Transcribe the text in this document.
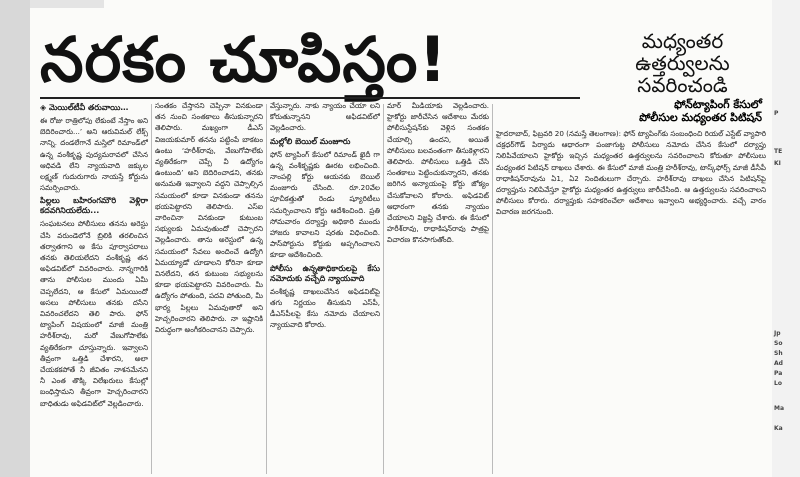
నరకం చూపిస్తం!	మధ్యంతర
ఉత్తర్వులను
సవరించండి
ఫోన్‌ట్యాపింగ్ కేసులో
పోలీసుల మధ్యంతర పిటిషన్

◈ మెయిల్‌టీవీ తరువాయి…

ఈ రోజు రాత్రిలోపు లేకుంటే నేస్తాం అని బెదిరించారు...’ అని ఆరువిమల్‌ లేక్స్ నాన్ని. దండలేగానే మస్తిలో రిమాండ్‌లో ఉన్న వంశీకృష్ణ పుద్యమరావలో చేసిన ఆధివడి లేని న్యాయవాది జక్కుల లక్ష్మణ్ గుదురుగారు నాయస్తే కోర్టును సమర్పించారు.

పిల్లలు బహిరంగమౌరి వెళ్లిరా కదవగినియలేదు...

సంఘటనలు పోలీసులు తనను అరెస్టు చేసి వరుండెలోనే బ్రిలికి తరలించిన తర్వాతగాని ఆ కేసు పూర్వాపరాలు తనకు తెలియలేదని వంశీకృష్ణ తన అఫిడవిట్‌లో వివరించారు. నాన్నగారికి తాను పోలీసుల ముందు ఏమీ చెప్పలేదని, ఆ కేసులో ఏమయిందో అసలు పోలీసులు తనకు దసేని వివరించలేదని తెలి పారు. ఫోన్ ట్యాపింగ్ విషయంలో మాజీ మంత్రి హరీశ్‌రావు, మరో వేణుగోపాలేకు వ్యతిరేకంగా చూస్తున్నారు. ఇవ్వాలని తీవ్రంగా ఒత్తిడి చేశారని, అలా చేయకకపోతే నీ జీవితం నాశనమేనని నీ ఎంత తొక్కి విలేఖరులు కేసుల్లో బంధిస్తామని తీవ్రంగా హెచ్చరించారని బాధితుడు అఫిడవిట్‌లో వెల్లడించారు.

సంతకం చేస్తానని చెప్పినా వినకుండా తన నుంచి సంతకాలు తీసుకున్నారని తెలిపారు. మఖ్యంగా డీఎస్‌ విజయకుమార్‌ తనను పట్టింపే బాకటం ఉంటు ‘హరీశ్‌రావు, వేణుగోపాలేకు వ్యతిరేకంగా చెప్పే వీ ఉద్యోగం ఉంటుంది’ అని బెదిరించాడని, తనకు అనుమతి ఇవ్వాలని వద్దని చెప్పాల్సిన సమయంలో కూడా వినకుండా తనను భయపెట్టారని తెలిపారు. ఎస్‌ఐ వారించినా వినకుండా కుటుంబ సభ్యులకు ఏమవుతుందో చెప్పారని వెల్లడించారు. తాను అరెస్టులో ఉన్న సమయంలో సేవలు అందించే ఉద్యోగి ఏమయ్యాడో చూడాలని కోరినా కూడా వినలేదని, తన కుటుంబ సభ్యులను కూడా భయపెట్టారని వివరించారు. మీ ఉద్యోగం పోతుంది, పదవి పోతుంది, మీ భార్య పిల్లలు ఏమవుతారో అని హెచ్చరించారని తెలిపారు. నా ఇష్టానికి విరుద్ధంగా అంగీకరించానని చెప్పారు.

వేస్తున్నారు. నాకు న్యాయం చేయా లని కోరుతున్నానని అఫిడవిట్‌లో వెల్లడించారు.

మల్లోలి బెయిల్ మంజూరు

ఫోన్ ట్యాపింగ్ కేసులో రిమాండ్‌ ఖైదీ గా ఉన్న వంశీకృష్ణకు ఊరట లభించింది. నాంపల్లి కోర్టు ఆయనకు బెయిల్ మంజూరు చేసింది. రూ.20వేల పూచీకత్తుతో రెండు ష్యూరిటీలు సమర్పించాలని కోర్టు ఆదేశించింది. ప్రతి సోమవారం దర్యాప్తు అధికారి ముందు హాజరు కావాలని షరతు విధించింది. పాస్‌పోర్టును కోర్టుకు అప్పగించాలని కూడా ఆదేశించింది.

పోలీసు ఉన్నతాధికారులపై కేసు నమోదుకు వచ్చేది న్యాయవాది

వంశీకృష్ణ దాఖలుచేసిన అఫిడవిట్‌పై తగు నిర్ణయం తీసుకుని ఎస్‌పీ, డీఎస్‌పీలపై కేసు నమోదు చేయాలని న్యాయవాది కోరారు.

మార్ మీడియాకు వెల్లడించారు. హైకోర్టు జారీచేసిన ఆదేశాలు మేరకు పోలీసుస్టేషన్‌కు వెళ్లిన సంతకం చేయాల్సి ఉందని, అయితే పోలీసులు బలవంతంగా తీసుకెళ్లారని తెలిపారు. పోలీసులు ఒత్తిడి చేసి సంతకాలు పెట్టించుకున్నారని, తనకు జరిగిన అన్యాయంపై కోర్టు జోక్యం చేసుకోవాలని కోరారు. అఫిడవిట్‌ ఆధారంగా తనకు న్యాయం చేయాలని విజ్ఞప్తి చేశారు. ఈ కేసులో హరీశ్‌రావు, రాధాకిషన్‌రావు పాత్రపై విచారణ కొనసాగుతోంది.

హైదరాబాద్‌, ఫిబ్రవరి 20 (నమస్తే తెలంగాణ): ఫోన్‌ ట్యాపింగ్‌కు సంబంధించి రియల్‌ ఎస్టేట్ వ్యాపారి చక్రధర్‌గౌడ్ పిర్యాదు ఆధారంగా పంజాగుట్ట పోలీసులు నమోదు చేసిన కేసులో దర్యాప్తు నిలిపివేయాలని హైకోర్టు ఇచ్చిన మధ్యంతర ఉత్తర్వులను సవరించాలని కోరుతూ పోలీసులు మధ్యంతర పిటిషన్ దాఖలు చేశారు. ఈ కేసులో మాజీ మంత్రి హరీశ్‌రావు, టాస్క్‌ఫోర్స్‌ మాజీ డీసీపీ రాధాకిషన్‌రావును ఏ1, ఏ2 నిందితులుగా చేర్చారు. హరీశ్‌రావు దాఖలు చేసిన పిటిషన్‌పై దర్యాప్తును నిలిపివేస్తూ హైకోర్టు మధ్యంతర ఉత్తర్వులు జారీచేసింది. ఆ ఉత్తర్వులను సవరించాలని పోలీసులు కోరారు. దర్యాప్తుకు సహకరించేలా ఆదేశాలు ఇవ్వాలని అభ్యర్థించారు. వచ్చే వారం విచారణ జరగనుంది.

P
TE
KI
Jp
So
Sh
Ad
Pa
Lo
Ma
Ka
